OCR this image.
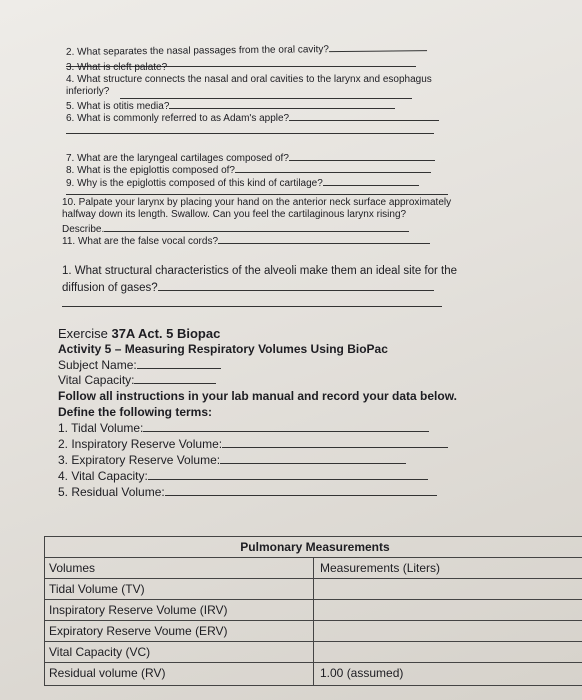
2. What separates the nasal passages from the oral cavity?
3. What is cleft palate?
4. What structure connects the nasal and oral cavities to the larynx and esophagus
inferiorly?
5. What is otitis media?
6. What is commonly referred to as Adam's apple?
7. What are the laryngeal cartilages composed of?
8. What is the epiglottis composed of?
9. Why is the epiglottis composed of this kind of cartilage?
10. Palpate your larynx by placing your hand on the anterior neck surface approximately
halfway down its length. Swallow. Can you feel the cartilaginous larynx rising?
Describe.
11. What are the false vocal cords?
1. What structural characteristics of the alveoli make them an ideal site for the
diffusion of gases?
Exercise 37A Act. 5 Biopac
Activity 5 – Measuring Respiratory Volumes Using BioPac
Subject Name:
Vital Capacity:
Follow all instructions in your lab manual and record your data below.
Define the following terms:
1. Tidal Volume:
2. Inspiratory Reserve Volume:
3. Expiratory Reserve Volume:
4. Vital Capacity:
5. Residual Volume:
Pulmonary Measurements
Volumes	Measurements (Liters)
Tidal Volume (TV)
Inspiratory Reserve Volume (IRV)
Expiratory Reserve Voume (ERV)
Vital Capacity (VC)
Residual volume (RV)	1.00 (assumed)
